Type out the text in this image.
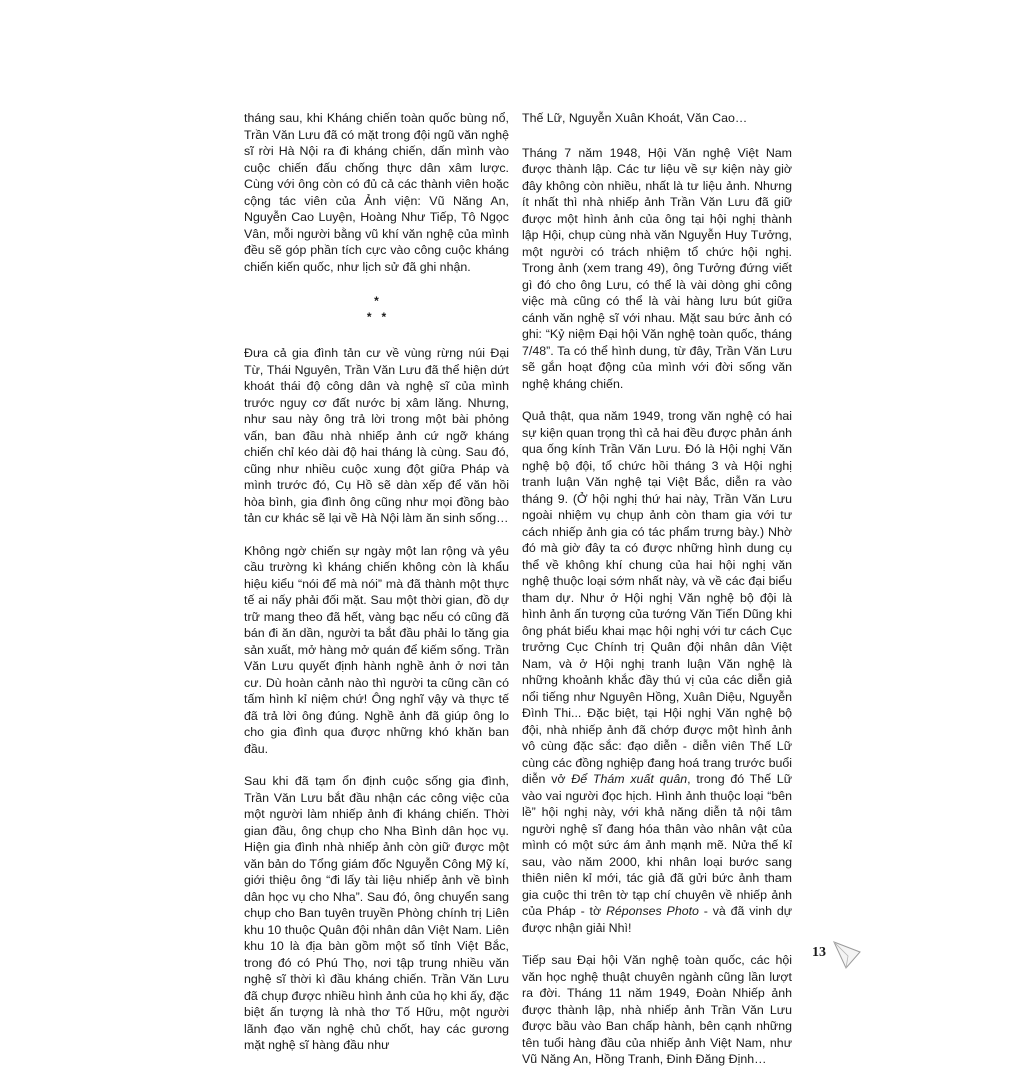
tháng sau, khi Kháng chiến toàn quốc bùng nổ, Trần Văn Lưu đã có mặt trong đội ngũ văn nghệ sĩ rời Hà Nội ra đi kháng chiến, dấn mình vào cuộc chiến đấu chống thực dân xâm lược. Cùng với ông còn có đủ cả các thành viên hoặc cộng tác viên của Ảnh viện: Vũ Năng An, Nguyễn Cao Luyện, Hoàng Như Tiếp, Tô Ngọc Vân, mỗi người bằng vũ khí văn nghệ của mình đều sẽ góp phần tích cực vào công cuộc kháng chiến kiến quốc, như lịch sử đã ghi nhận.

*
*   *

Đưa cả gia đình tản cư về vùng rừng núi Đại Từ, Thái Nguyên, Trần Văn Lưu đã thể hiện dứt khoát thái độ công dân và nghệ sĩ của mình trước nguy cơ đất nước bị xâm lăng. Nhưng, như sau này ông trả lời trong một bài phỏng vấn, ban đầu nhà nhiếp ảnh cứ ngỡ kháng chiến chỉ kéo dài độ hai tháng là cùng. Sau đó, cũng như nhiều cuộc xung đột giữa Pháp và mình trước đó, Cụ Hồ sẽ dàn xếp để văn hồi hòa bình, gia đình ông cũng như mọi đồng bào tản cư khác sẽ lại về Hà Nội làm ăn sinh sống…

Không ngờ chiến sự ngày một lan rộng và yêu cầu trường kì kháng chiến không còn là khẩu hiệu kiểu “nói để mà nói” mà đã thành một thực tế ai nấy phải đối mặt. Sau một thời gian, đồ dự trữ mang theo đã hết, vàng bạc nếu có cũng đã bán đi ăn dần, người ta bắt đầu phải lo tăng gia sản xuất, mở hàng mở quán để kiếm sống. Trần Văn Lưu quyết định hành nghề ảnh ở nơi tản cư. Dù hoàn cảnh nào thì người ta cũng cần có tấm hình kỉ niệm chứ! Ông nghĩ vậy và thực tế đã trả lời ông đúng. Nghề ảnh đã giúp ông lo cho gia đình qua được những khó khăn ban đầu.

Sau khi đã tạm ổn định cuộc sống gia đình, Trần Văn Lưu bắt đầu nhận các công việc của một người làm nhiếp ảnh đi kháng chiến. Thời gian đầu, ông chụp cho Nha Bình dân học vụ. Hiện gia đình nhà nhiếp ảnh còn giữ được một văn bản do Tổng giám đốc Nguyễn Công Mỹ kí, giới thiệu ông “đi lấy tài liệu nhiếp ảnh về bình dân học vụ cho Nha”. Sau đó, ông chuyển sang chụp cho Ban tuyên truyền Phòng chính trị Liên khu 10 thuộc Quân đội nhân dân Việt Nam. Liên khu 10 là địa bàn gồm một số tỉnh Việt Bắc, trong đó có Phú Thọ, nơi tập trung nhiều văn nghệ sĩ thời kì đầu kháng chiến. Trần Văn Lưu đã chụp được nhiều hình ảnh của họ khi ấy, đặc biệt ấn tượng là nhà thơ Tố Hữu, một người lãnh đạo văn nghệ chủ chốt, hay các gương mặt nghệ sĩ hàng đầu như

Thế Lữ, Nguyễn Xuân Khoát, Văn Cao…

Tháng 7 năm 1948, Hội Văn nghệ Việt Nam được thành lập. Các tư liệu về sự kiện này giờ đây không còn nhiều, nhất là tư liệu ảnh. Nhưng ít nhất thì nhà nhiếp ảnh Trần Văn Lưu đã giữ được một hình ảnh của ông tại hội nghị thành lập Hội, chụp cùng nhà văn Nguyễn Huy Tưởng, một người có trách nhiệm tổ chức hội nghị. Trong ảnh (xem trang 49), ông Tưởng đứng viết gì đó cho ông Lưu, có thể là vài dòng ghi công việc mà cũng có thể là vài hàng lưu bút giữa cánh văn nghệ sĩ với nhau. Mặt sau bức ảnh có ghi: “Kỷ niệm Đại hội Văn nghệ toàn quốc, tháng 7/48”. Ta có thể hình dung, từ đây, Trần Văn Lưu sẽ gắn hoạt động của mình với đời sống văn nghệ kháng chiến.

Quả thật, qua năm 1949, trong văn nghệ có hai sự kiện quan trọng thì cả hai đều được phản ánh qua ống kính Trần Văn Lưu. Đó là Hội nghị Văn nghệ bộ đội, tổ chức hồi tháng 3 và Hội nghị tranh luận Văn nghệ tại Việt Bắc, diễn ra vào tháng 9. (Ở hội nghị thứ hai này, Trần Văn Lưu ngoài nhiệm vụ chụp ảnh còn tham gia với tư cách nhiếp ảnh gia có tác phẩm trưng bày.) Nhờ đó mà giờ đây ta có được những hình dung cụ thể về không khí chung của hai hội nghị văn nghệ thuộc loại sớm nhất này, và về các đại biểu tham dự. Như ở Hội nghị Văn nghệ bộ đội là hình ảnh ấn tượng của tướng Văn Tiến Dũng khi ông phát biểu khai mạc hội nghị với tư cách Cục trưởng Cục Chính trị Quân đội nhân dân Việt Nam, và ở Hội nghị tranh luận Văn nghệ là những khoảnh khắc đầy thú vị của các diễn giả nổi tiếng như Nguyên Hồng, Xuân Diệu, Nguyễn Đình Thi... Đặc biệt, tại Hội nghị Văn nghệ bộ đội, nhà nhiếp ảnh đã chớp được một hình ảnh vô cùng đặc sắc: đạo diễn - diễn viên Thế Lữ cùng các đồng nghiệp đang hoá trang trước buổi diễn vở Để Thám xuất quân, trong đó Thế Lữ vào vai người đọc hịch. Hình ảnh thuộc loại “bên lề” hội nghị này, với khả năng diễn tả nội tâm người nghệ sĩ đang hóa thân vào nhân vật của mình có một sức ám ảnh mạnh mẽ. Nửa thế kỉ sau, vào năm 2000, khi nhân loại bước sang thiên niên kỉ mới, tác giả đã gửi bức ảnh tham gia cuộc thi trên tờ tạp chí chuyên về nhiếp ảnh của Pháp - tờ Réponses Photo - và đã vinh dự được nhận giải Nhì!

Tiếp sau Đại hội Văn nghệ toàn quốc, các hội văn học nghệ thuật chuyên ngành cũng lần lượt ra đời. Tháng 11 năm 1949, Đoàn Nhiếp ảnh được thành lập, nhà nhiếp ảnh Trần Văn Lưu được bầu vào Ban chấp hành, bên cạnh những tên tuổi hàng đầu của nhiếp ảnh Việt Nam, như Vũ Năng An, Hồng Tranh, Đinh Đăng Định…

13
